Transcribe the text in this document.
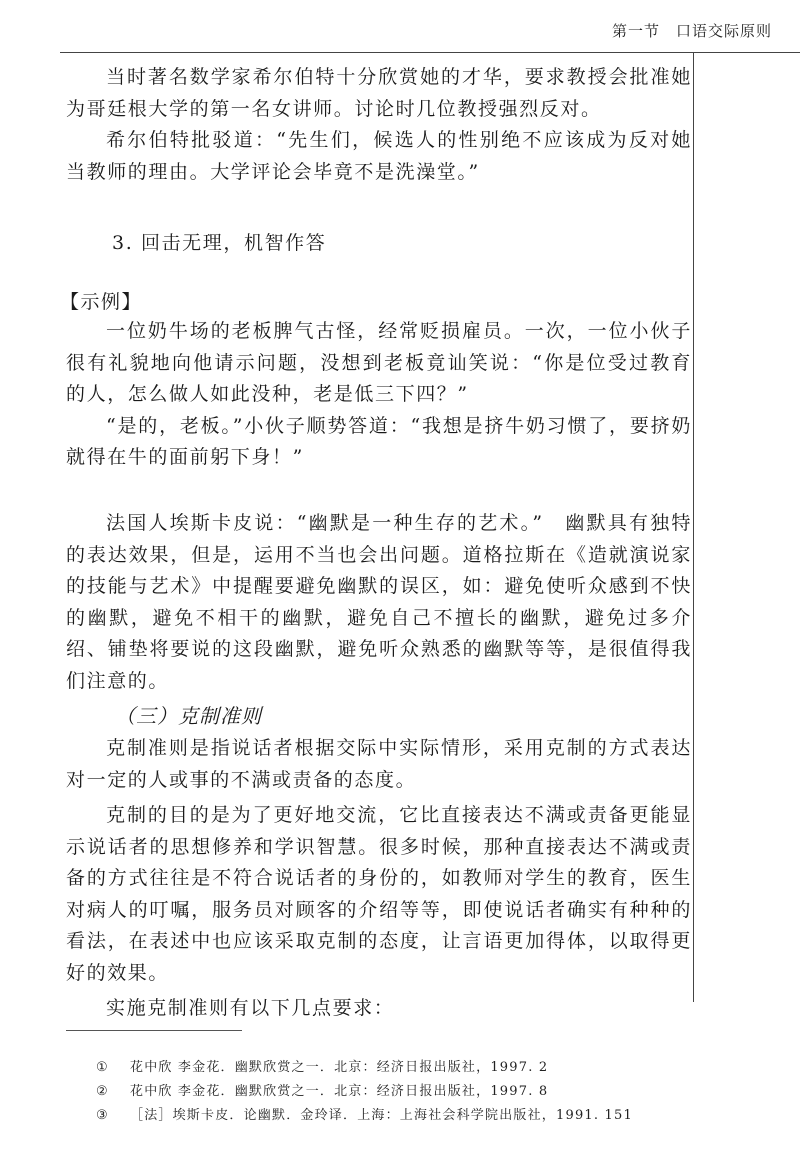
第一节　口语交际原则

当时著名数学家希尔伯特十分欣赏她的才华，要求教授会批准她为哥廷根大学的第一名女讲师。讨论时几位教授强烈反对。

希尔伯特批驳道：“先生们，候选人的性别绝不应该成为反对她当教师的理由。大学评论会毕竟不是洗澡堂。”

3. 回击无理，机智作答
【示例】

一位奶牛场的老板脾气古怪，经常贬损雇员。一次，一位小伙子很有礼貌地向他请示问题，没想到老板竟讪笑说：“你是位受过教育的人，怎么做人如此没种，老是低三下四？”

“是的，老板。”小伙子顺势答道：“我想是挤牛奶习惯了，要挤奶就得在牛的面前躬下身！”

法国人埃斯卡皮说：“幽默是一种生存的艺术。”　幽默具有独特的表达效果，但是，运用不当也会出问题。道格拉斯在《造就演说家的技能与艺术》中提醒要避免幽默的误区，如：避免使听众感到不快的幽默，避免不相干的幽默，避免自己不擅长的幽默，避免过多介绍、铺垫将要说的这段幽默，避免听众熟悉的幽默等等，是很值得我们注意的。

（三）克制准则

克制准则是指说话者根据交际中实际情形，采用克制的方式表达对一定的人或事的不满或责备的态度。

克制的目的是为了更好地交流，它比直接表达不满或责备更能显示说话者的思想修养和学识智慧。很多时候，那种直接表达不满或责备的方式往往是不符合说话者的身份的，如教师对学生的教育，医生对病人的叮嘱，服务员对顾客的介绍等等，即使说话者确实有种种的看法，在表述中也应该采取克制的态度，让言语更加得体，以取得更好的效果。

实施克制准则有以下几点要求：

① 花中欣 李金花．幽默欣赏之一．北京：经济日报出版社，1997. 2
② 花中欣 李金花．幽默欣赏之一．北京：经济日报出版社，1997. 8
③ ［法］埃斯卡皮．论幽默．金玲译．上海：上海社会科学院出版社，1991. 151
